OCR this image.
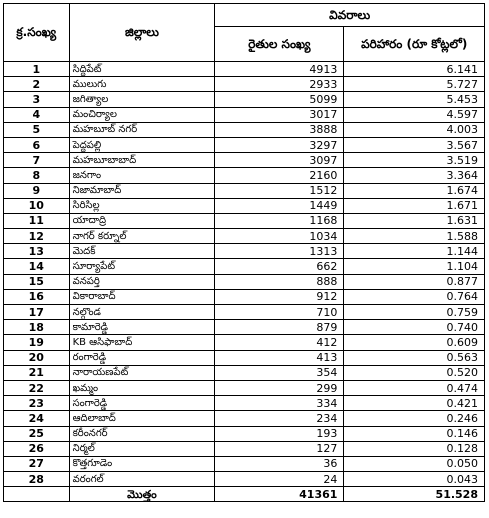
క్ర.సంఖ్య	జిల్లాలు	వివరాలు	
		రైతుల సంఖ్య	పరిహారం (రూ కోట్లలో)
1	సిద్దిపేట్	4913	6.141
2	ములుగు	2933	5.727
3	జగిత్యాల	5099	5.453
4	మంచిర్యాల	3017	4.597
5	మహబూబ్ నగర్	3888	4.003
6	పెద్దపల్లి	3297	3.567
7	మహబూబాబాద్	3097	3.519
8	జనగాం	2160	3.364
9	నిజామాబాద్	1512	1.674
10	సిరిసిల్ల	1449	1.671
11	యాదాద్రి	1168	1.631
12	నాగర్ కర్నూల్	1034	1.588
13	మెదక్	1313	1.144
14	సూర్యాపేట్	662	1.104
15	వనపర్తి	888	0.877
16	వికారాబాద్	912	0.764
17	నల్గొండ	710	0.759
18	కామారెడ్డి	879	0.740
19	KB ఆసిఫాబాద్	412	0.609
20	రంగారెడ్డి	413	0.563
21	నారాయణపేట్	354	0.520
22	ఖమ్మం	299	0.474
23	సంగారెడ్డి	334	0.421
24	ఆదిలాబాద్	234	0.246
25	కరీంనగర్	193	0.146
26	నిర్మల్	127	0.128
27	కొత్తగూడెం	36	0.050
28	వరంగల్	24	0.043
	మొత్తం	41361	51.528
